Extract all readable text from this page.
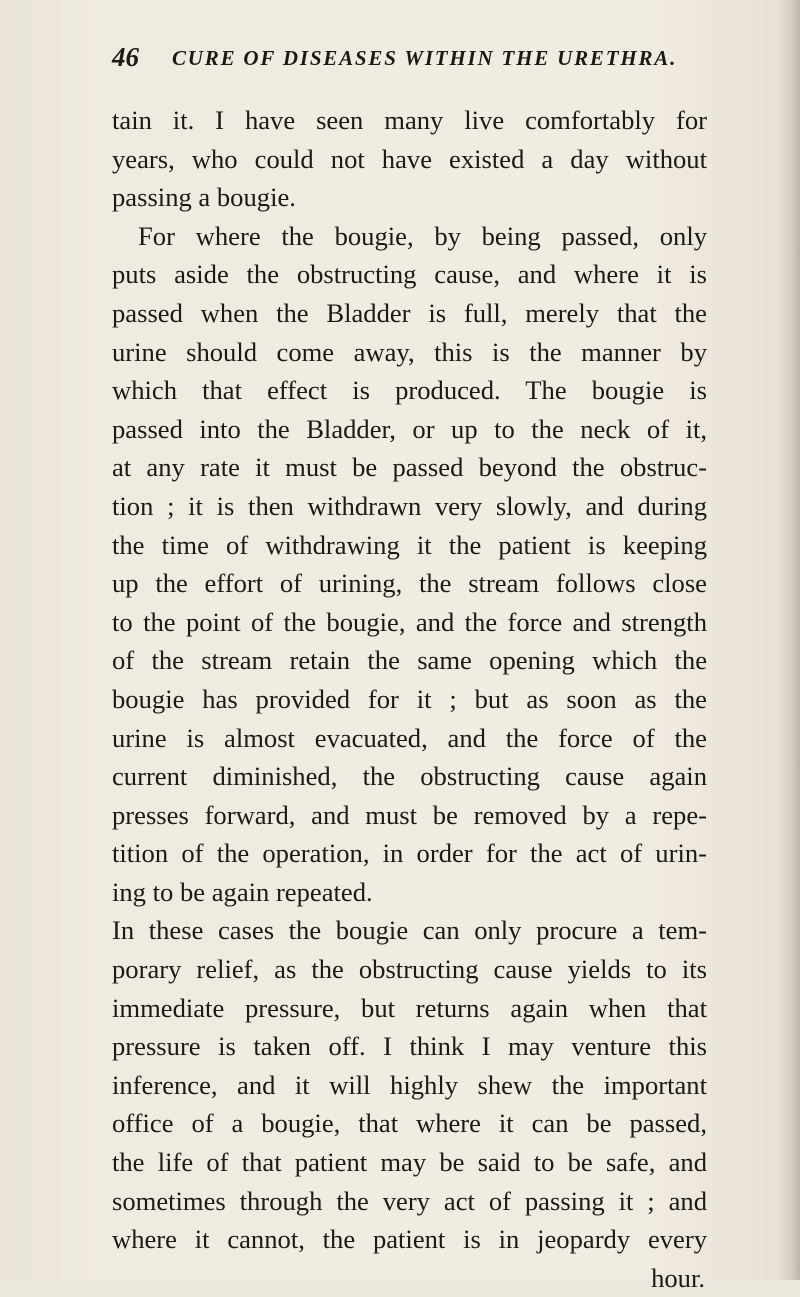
46 CURE OF DISEASES WITHIN THE URETHRA.
tain it. I have seen many live comfortably for
years, who could not have existed a day without
passing a bougie.
For where the bougie, by being passed, only
puts aside the obstructing cause, and where it is
passed when the Bladder is full, merely that the
urine should come away, this is the manner by
which that effect is produced. The bougie is
passed into the Bladder, or up to the neck of it,
at any rate it must be passed beyond the obstruc-
tion ; it is then withdrawn very slowly, and during
the time of withdrawing it the patient is keeping
up the effort of urining, the stream follows close
to the point of the bougie, and the force and strength
of the stream retain the same opening which the
bougie has provided for it ; but as soon as the
urine is almost evacuated, and the force of the
current diminished, the obstructing cause again
presses forward, and must be removed by a repe-
tition of the operation, in order for the act of urin-
ing to be again repeated.
In these cases the bougie can only procure a tem-
porary relief, as the obstructing cause yields to its
immediate pressure, but returns again when that
pressure is taken off. I think I may venture this
inference, and it will highly shew the important
office of a bougie, that where it can be passed,
the life of that patient may be said to be safe, and
sometimes through the very act of passing it ; and
where it cannot, the patient is in jeopardy every
hour.
